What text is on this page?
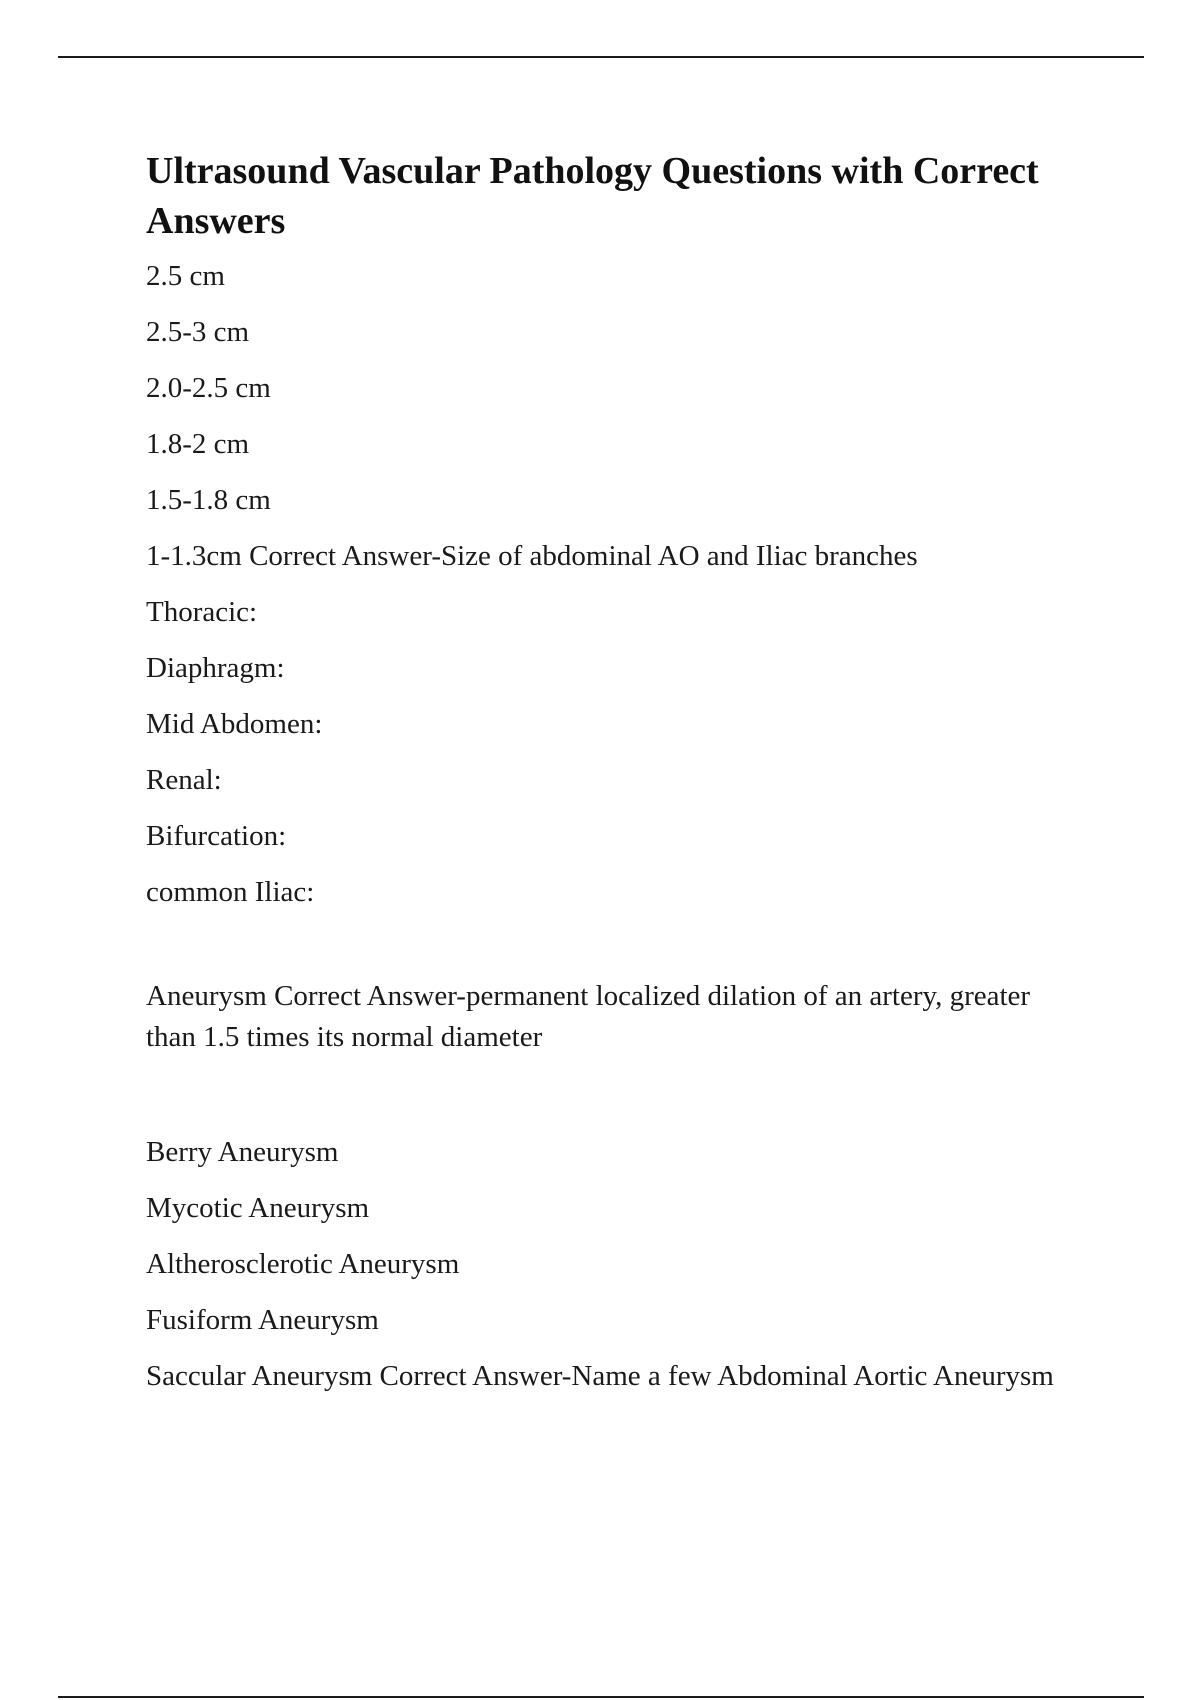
Ultrasound Vascular Pathology Questions with Correct Answers

2.5 cm

2.5-3 cm

2.0-2.5 cm

1.8-2 cm

1.5-1.8 cm

1-1.3cm Correct Answer-Size of abdominal AO and Iliac branches

Thoracic:

Diaphragm:

Mid Abdomen:

Renal:

Bifurcation:

common Iliac:

Aneurysm Correct Answer-permanent localized dilation of an artery, greater than 1.5 times its normal diameter

Berry Aneurysm

Mycotic Aneurysm

Altherosclerotic Aneurysm

Fusiform Aneurysm

Saccular Aneurysm Correct Answer-Name a few Abdominal Aortic Aneurysm
